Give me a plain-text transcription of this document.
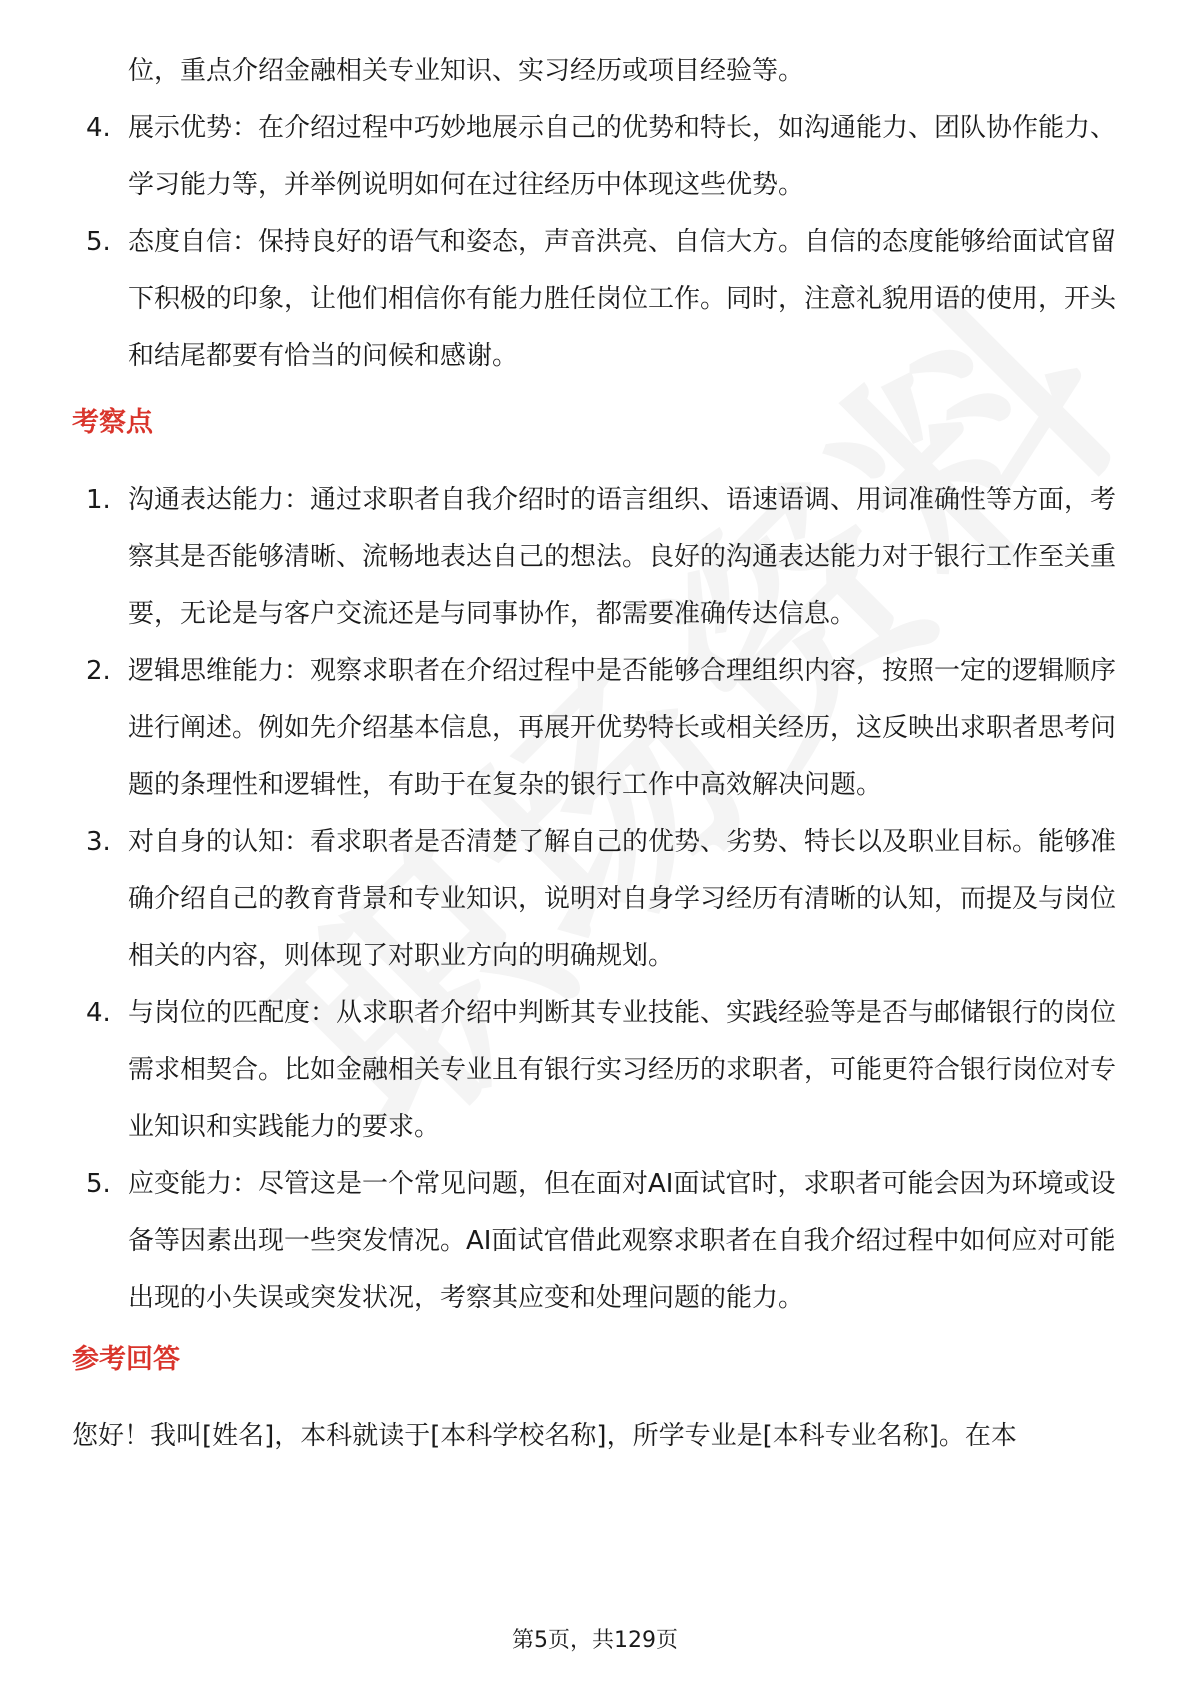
位，重点介绍金融相关专业知识、实习经历或项目经验等。

4. 展示优势：在介绍过程中巧妙地展示自己的优势和特长，如沟通能力、团队协作能力、学习能力等，并举例说明如何在过往经历中体现这些优势。
5. 态度自信：保持良好的语气和姿态，声音洪亮、自信大方。自信的态度能够给面试官留下积极的印象，让他们相信你有能力胜任岗位工作。同时，注意礼貌用语的使用，开头和结尾都要有恰当的问候和感谢。
考察点
1. 沟通表达能力：通过求职者自我介绍时的语言组织、语速语调、用词准确性等方面，考察其是否能够清晰、流畅地表达自己的想法。良好的沟通表达能力对于银行工作至关重要，无论是与客户交流还是与同事协作，都需要准确传达信息。
2. 逻辑思维能力：观察求职者在介绍过程中是否能够合理组织内容，按照一定的逻辑顺序进行阐述。例如先介绍基本信息，再展开优势特长或相关经历，这反映出求职者思考问题的条理性和逻辑性，有助于在复杂的银行工作中高效解决问题。
3. 对自身的认知：看求职者是否清楚了解自己的优势、劣势、特长以及职业目标。能够准确介绍自己的教育背景和专业知识，说明对自身学习经历有清晰的认知，而提及与岗位相关的内容，则体现了对职业方向的明确规划。
4. 与岗位的匹配度：从求职者介绍中判断其专业技能、实践经验等是否与邮储银行的岗位需求相契合。比如金融相关专业且有银行实习经历的求职者，可能更符合银行岗位对专业知识和实践能力的要求。
5. 应变能力：尽管这是一个常见问题，但在面对AI面试官时，求职者可能会因为环境或设备等因素出现一些突发情况。AI面试官借此观察求职者在自我介绍过程中如何应对可能出现的小失误或突发状况，考察其应变和处理问题的能力。
参考回答

您好！我叫[姓名]，本科就读于[本科学校名称]，所学专业是[本科专业名称]。在本

第5页，共129页
